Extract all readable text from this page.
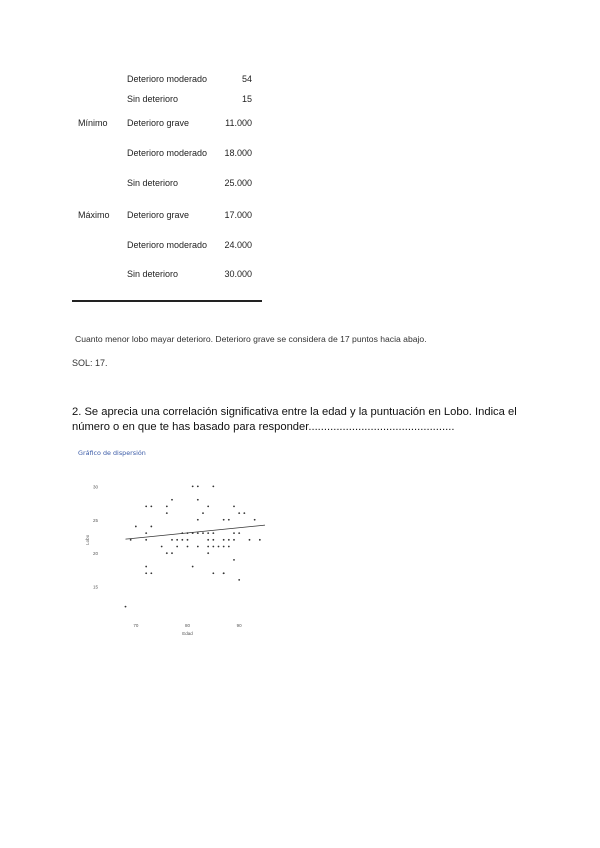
Deterioro moderado	54
Sin deterioro	15
Mínimo	Deterioro grave	11.000
Deterioro moderado	18.000
Sin deterioro	25.000
Máximo	Deterioro grave	17.000
Deterioro moderado	24.000
Sin deterioro	30.000
Cuanto menor lobo mayar deterioro. Deterioro grave se considera de 17 puntos hacia abajo.
SOL: 17.
2. Se aprecia una correlación significativa entre la edad y la puntuación en Lobo. Indica el número o en que te has basado para responder...............................................
Gráfico de dispersión
30
25
20
15
70	80	90
Edad
Lobo
